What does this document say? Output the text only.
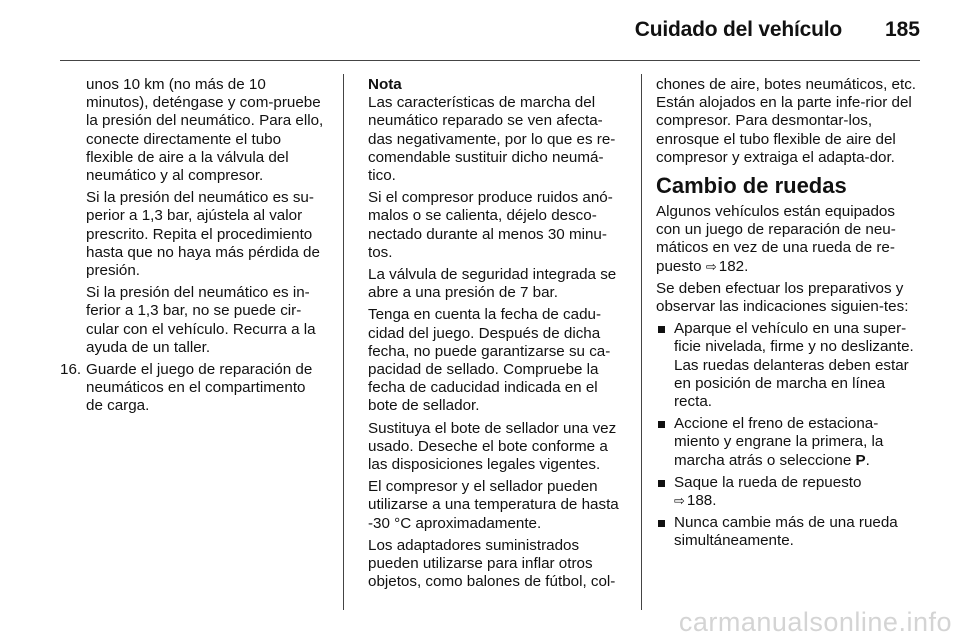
Cuidado del vehículo 185

unos 10 km (no más de 10 minutos), deténgase y com-pruebe la presión del neumático. Para ello, conecte directamente el tubo flexible de aire a la válvula del neumático y al compresor.

Si la presión del neumático es su-perior a 1,3 bar, ajústela al valor prescrito. Repita el procedimiento hasta que no haya más pérdida de presión.

Si la presión del neumático es in-ferior a 1,3 bar, no se puede cir-cular con el vehículo. Recurra a la ayuda de un taller.

16. Guarde el juego de reparación de neumáticos en el compartimento de carga.
Nota

Las características de marcha del neumático reparado se ven afecta-das negativamente, por lo que es re-comendable sustituir dicho neumá-tico.

Si el compresor produce ruidos anó-malos o se calienta, déjelo desco-nectado durante al menos 30 minu-tos.

La válvula de seguridad integrada se abre a una presión de 7 bar.

Tenga en cuenta la fecha de cadu-cidad del juego. Después de dicha fecha, no puede garantizarse su ca-pacidad de sellado. Compruebe la fecha de caducidad indicada en el bote de sellador.

Sustituya el bote de sellador una vez usado. Deseche el bote conforme a las disposiciones legales vigentes.

El compresor y el sellador pueden utilizarse a una temperatura de hasta -30 °C aproximadamente.

Los adaptadores suministrados pueden utilizarse para inflar otros objetos, como balones de fútbol, col-

chones de aire, botes neumáticos, etc. Están alojados en la parte infe-rior del compresor. Para desmontar-los, enrosque el tubo flexible de aire del compresor y extraiga el adapta-dor.

Cambio de ruedas

Algunos vehículos están equipados con un juego de reparación de neu-máticos en vez de una rueda de re-puesto ⇨ 182.

Se deben efectuar los preparativos y observar las indicaciones siguien-tes:

Aparque el vehículo en una super-ficie nivelada, firme y no deslizante. Las ruedas delanteras deben estar en posición de marcha en línea recta.
Accione el freno de estaciona-miento y engrane la primera, la marcha atrás o seleccione P.
Saque la rueda de repuesto
⇨ 188.
Nunca cambie más de una rueda simultáneamente.
carmanualsonline.info
